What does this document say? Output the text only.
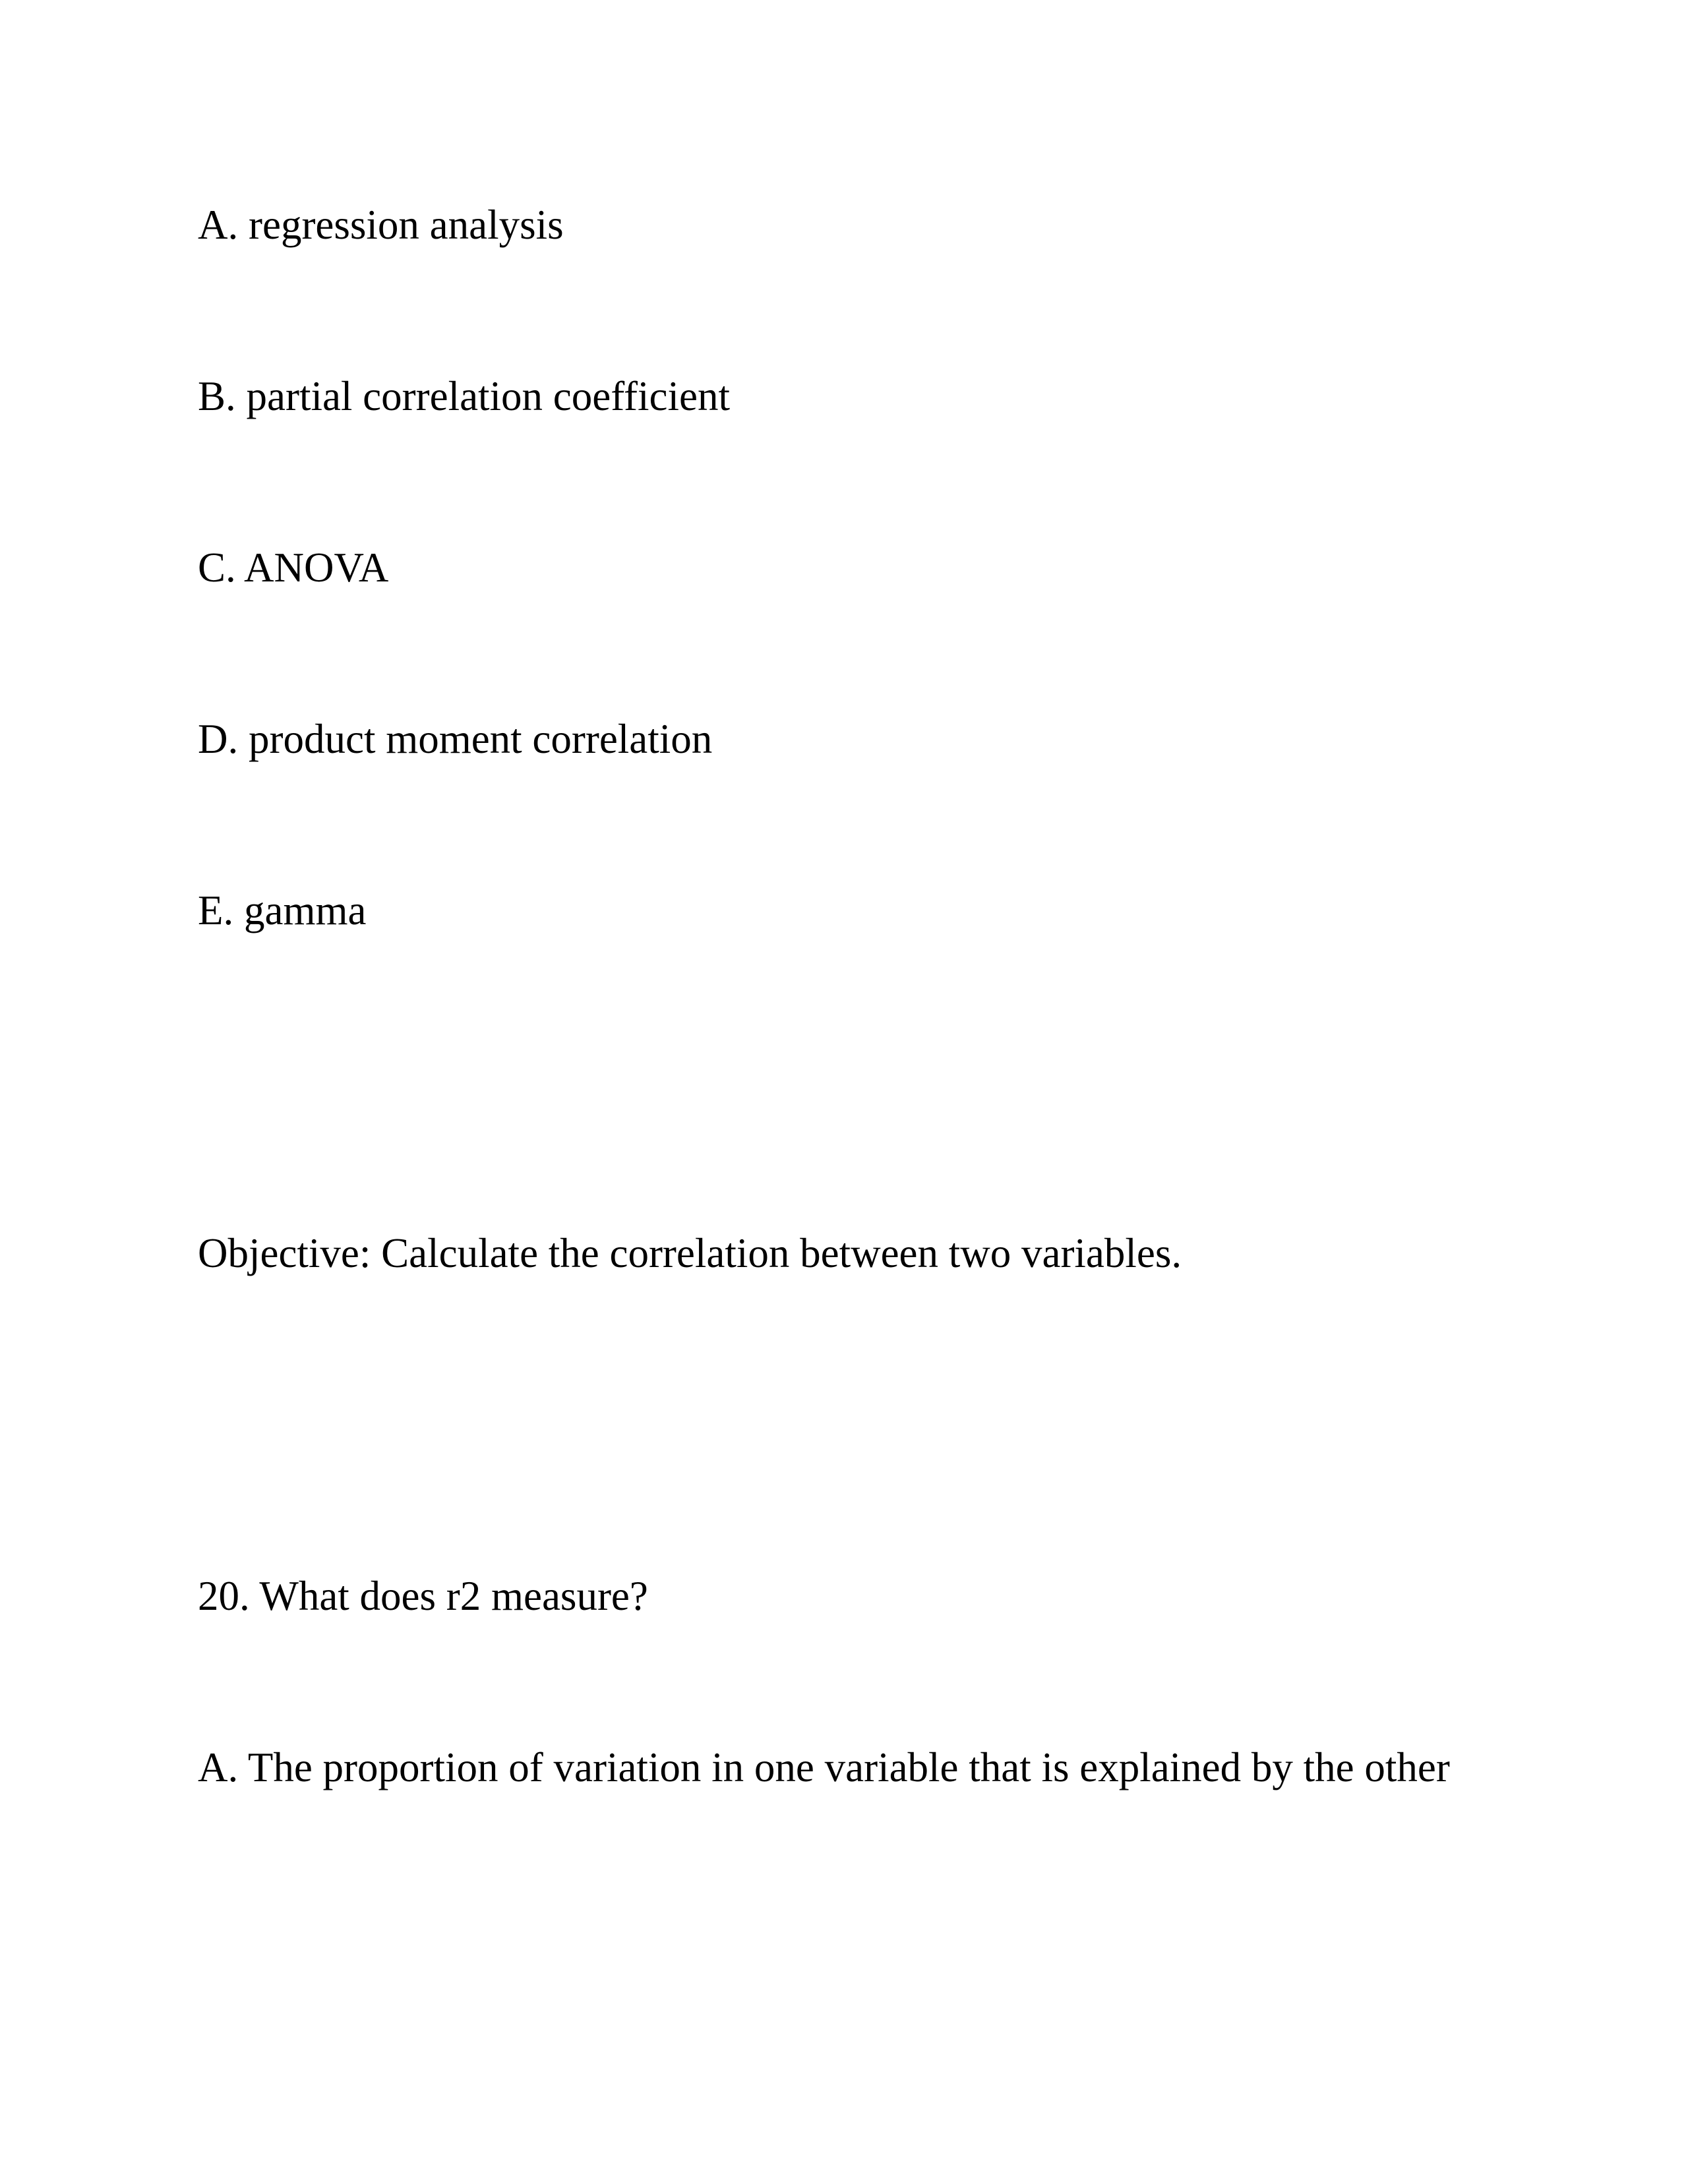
A. regression analysis
B. partial correlation coefficient
C. ANOVA
D. product moment correlation
E. gamma
Objective: Calculate the correlation between two variables.
20. What does r2 measure?
A. The proportion of variation in one variable that is explained by the other
